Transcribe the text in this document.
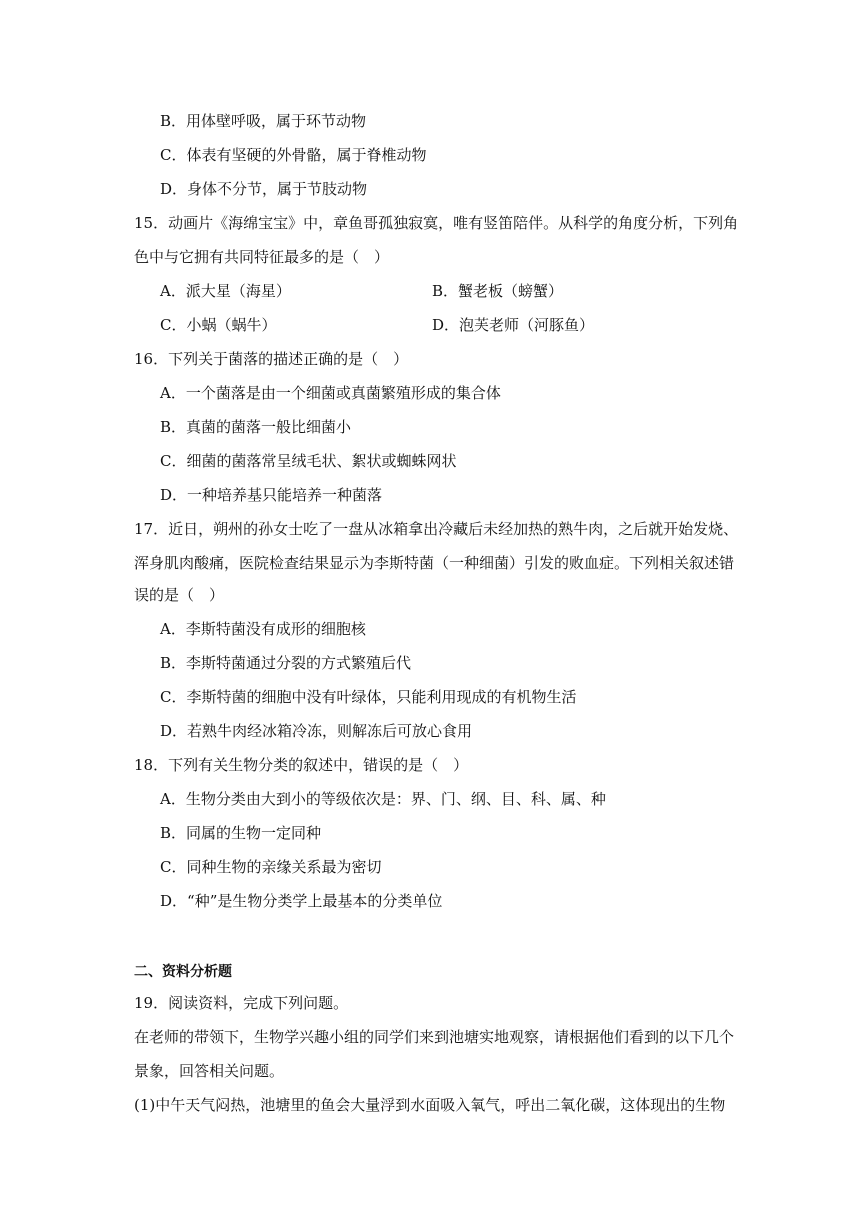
B．用体壁呼吸，属于环节动物
C．体表有坚硬的外骨骼，属于脊椎动物
D．身体不分节，属于节肢动物
15．动画片《海绵宝宝》中，章鱼哥孤独寂寞，唯有竖笛陪伴。从科学的角度分析，下列角
色中与它拥有共同特征最多的是（　）
A．派大星（海星）	B．蟹老板（螃蟹）
C．小蜗（蜗牛）	D．泡芙老师（河豚鱼）
16．下列关于菌落的描述正确的是（　）
A．一个菌落是由一个细菌或真菌繁殖形成的集合体
B．真菌的菌落一般比细菌小
C．细菌的菌落常呈绒毛状、絮状或蜘蛛网状
D．一种培养基只能培养一种菌落
17．近日，朔州的孙女士吃了一盘从冰箱拿出冷藏后未经加热的熟牛肉，之后就开始发烧、
浑身肌肉酸痛，医院检查结果显示为李斯特菌（一种细菌）引发的败血症。下列相关叙述错
误的是（　）
A．李斯特菌没有成形的细胞核
B．李斯特菌通过分裂的方式繁殖后代
C．李斯特菌的细胞中没有叶绿体，只能利用现成的有机物生活
D．若熟牛肉经冰箱冷冻，则解冻后可放心食用
18．下列有关生物分类的叙述中，错误的是（　）
A．生物分类由大到小的等级依次是：界、门、纲、目、科、属、种
B．同属的生物一定同种
C．同种生物的亲缘关系最为密切
D．“种”是生物分类学上最基本的分类单位
二、资料分析题
19．阅读资料，完成下列问题。
在老师的带领下，生物学兴趣小组的同学们来到池塘实地观察，请根据他们看到的以下几个
景象，回答相关问题。
(1)中午天气闷热，池塘里的鱼会大量浮到水面吸入氧气，呼出二氧化碳，这体现出的生物
